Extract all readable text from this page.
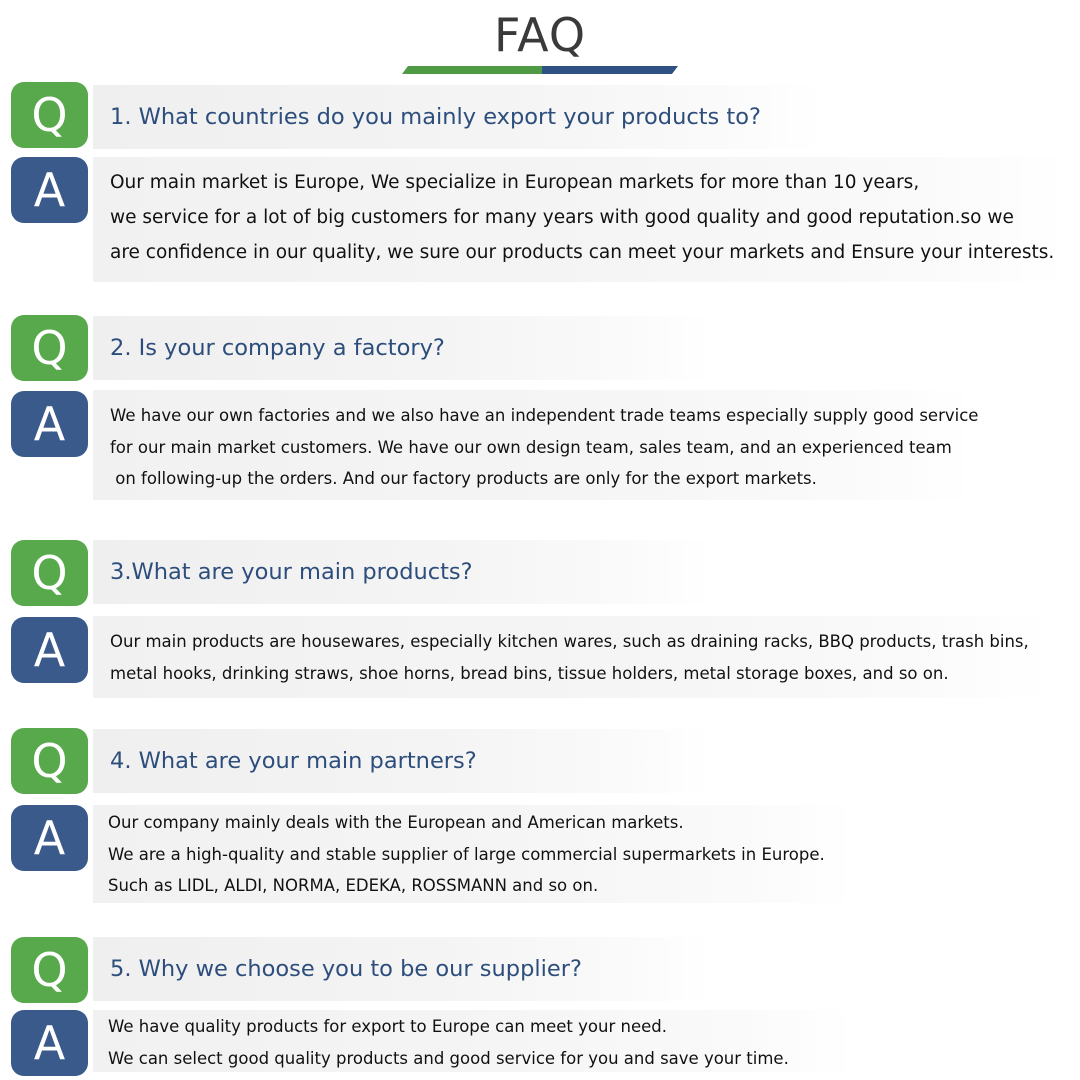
FAQ
1. What countries do you mainly export your products to?
Q
Our main market is Europe, We specialize in European markets for more than 10 years,
we service for a lot of big customers for many years with good quality and good reputation.so we
are confidence in our quality, we sure our products can meet your markets and Ensure your interests.
A
2. Is your company a factory?
Q
We have our own factories and we also have an independent trade teams especially supply good service
for our main market customers. We have our own design team, sales team, and an experienced team
on following-up the orders. And our factory products are only for the export markets.
A
3.What are your main products?
Q
Our main products are housewares, especially kitchen wares, such as draining racks, BBQ products, trash bins,
metal hooks, drinking straws, shoe horns, bread bins, tissue holders, metal storage boxes, and so on.
A
4. What are your main partners?
Q
Our company mainly deals with the European and American markets.
We are a high-quality and stable supplier of large commercial supermarkets in Europe.
Such as LIDL, ALDI, NORMA, EDEKA, ROSSMANN and so on.
A
5. Why we choose you to be our supplier?
Q
We have quality products for export to Europe can meet your need.
We can select good quality products and good service for you and save your time.
A
